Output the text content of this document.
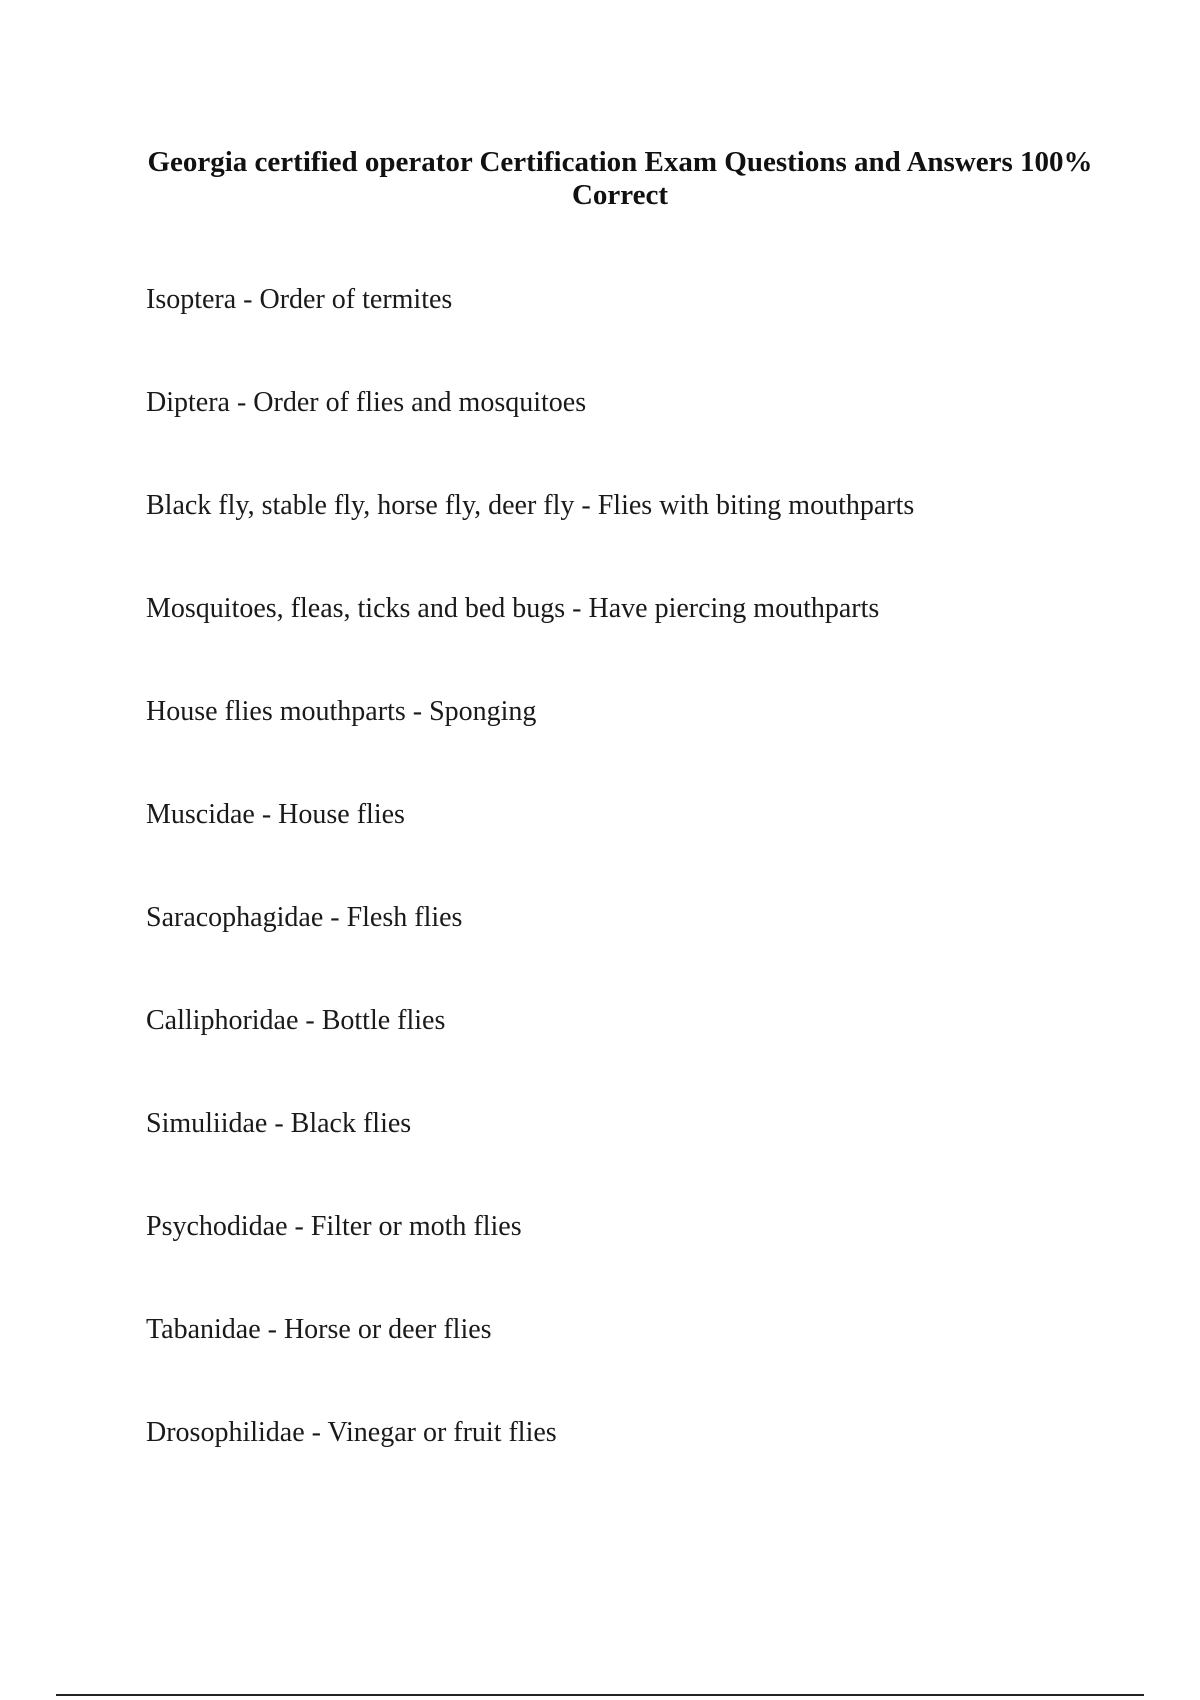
Georgia certified operator Certification Exam Questions and Answers 100% Correct
Isoptera - Order of termites
Diptera - Order of flies and mosquitoes
Black fly, stable fly, horse fly, deer fly - Flies with biting mouthparts
Mosquitoes, fleas, ticks and bed bugs - Have piercing mouthparts
House flies mouthparts - Sponging
Muscidae - House flies
Saracophagidae - Flesh flies
Calliphoridae - Bottle flies
Simuliidae - Black flies
Psychodidae - Filter or moth flies
Tabanidae - Horse or deer flies
Drosophilidae - Vinegar or fruit flies
